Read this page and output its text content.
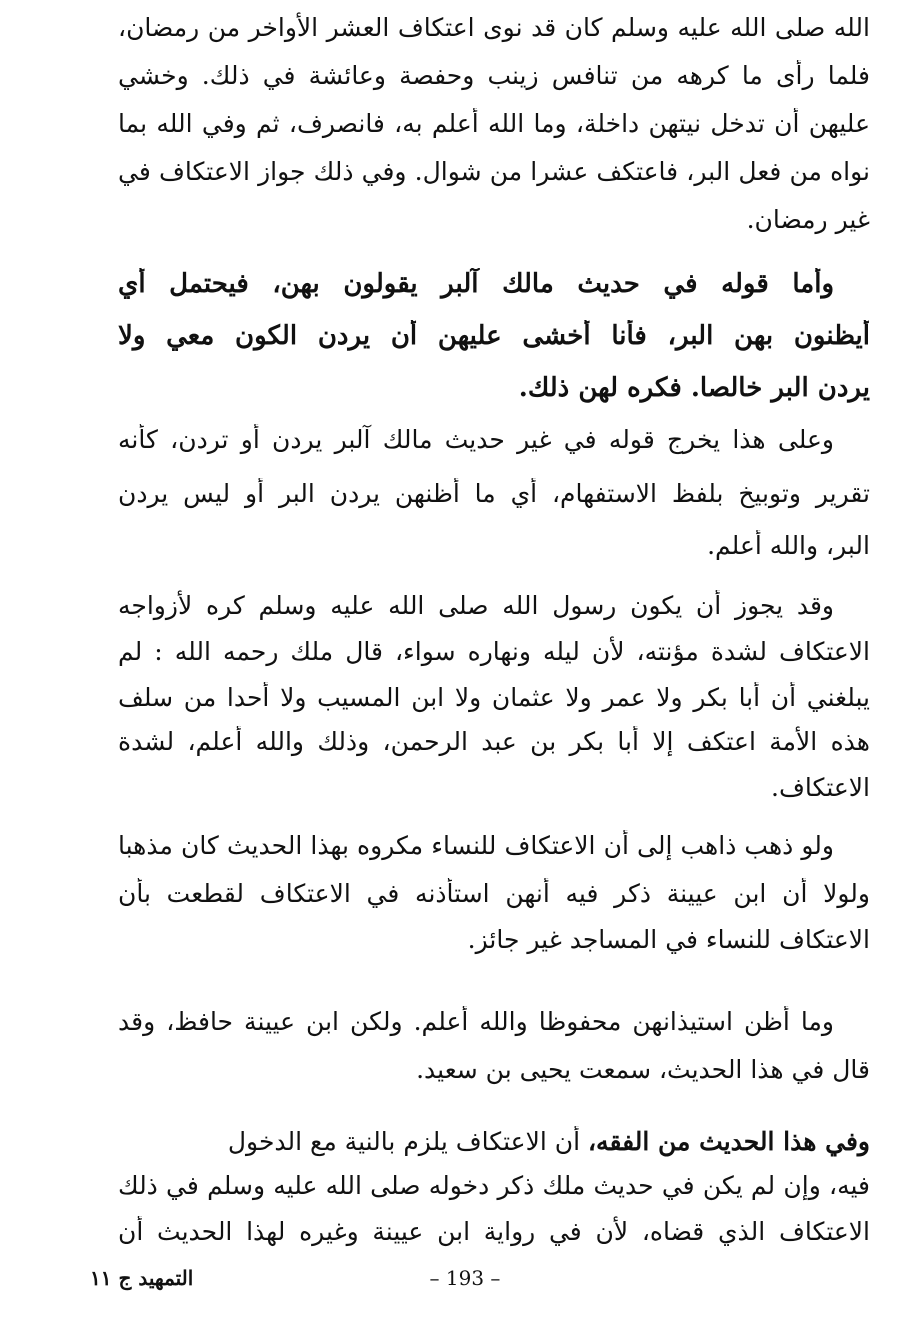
الله صلى الله عليه وسلم كان قد نوى اعتكاف العشر الأواخر من رمضان،
فلما رأى ما كرهه من تنافس زينب وحفصة وعائشة في ذلك. وخشي
عليهن أن تدخل نيتهن داخلة، وما الله أعلم به، فانصرف، ثم وفي الله بما
نواه من فعل البر، فاعتكف عشرا من شوال. وفي ذلك جواز الاعتكاف في
غير رمضان.
وأما قوله في حديث مالك آلبر يقولون بهن، فيحتمل أي
أيظنون بهن البر، فأنا أخشى عليهن أن يردن الكون معي ولا
يردن البر خالصا. فكره لهن ذلك.
وعلى هذا يخرج قوله في غير حديث مالك آلبر يردن أو تردن، كأنه
تقرير وتوبيخ بلفظ الاستفهام، أي ما أظنهن يردن البر أو ليس يردن
البر، والله أعلم.
وقد يجوز أن يكون رسول الله صلى الله عليه وسلم كره لأزواجه
الاعتكاف لشدة مؤنته، لأن ليله ونهاره سواء، قال ملك رحمه الله : لم
يبلغني أن أبا بكر ولا عمر ولا عثمان ولا ابن المسيب ولا أحدا من سلف
هذه الأمة اعتكف إلا أبا بكر بن عبد الرحمن، وذلك والله أعلم، لشدة
الاعتكاف.
ولو ذهب ذاهب إلى أن الاعتكاف للنساء مكروه بهذا الحديث كان مذهبا
ولولا أن ابن عيينة ذكر فيه أنهن استأذنه في الاعتكاف لقطعت بأن
الاعتكاف للنساء في المساجد غير جائز.
وما أظن استيذانهن محفوظا والله أعلم. ولكن ابن عيينة حافظ، وقد
قال في هذا الحديث، سمعت يحيى بن سعيد.
وفي هذا الحديث من الفقه، أن الاعتكاف يلزم بالنية مع الدخول
فيه، وإن لم يكن في حديث ملك ذكر دخوله صلى الله عليه وسلم في ذلك
الاعتكاف الذي قضاه، لأن في رواية ابن عيينة وغيره لهذا الحديث أن
– 193 –
التمهيد ج ١١
